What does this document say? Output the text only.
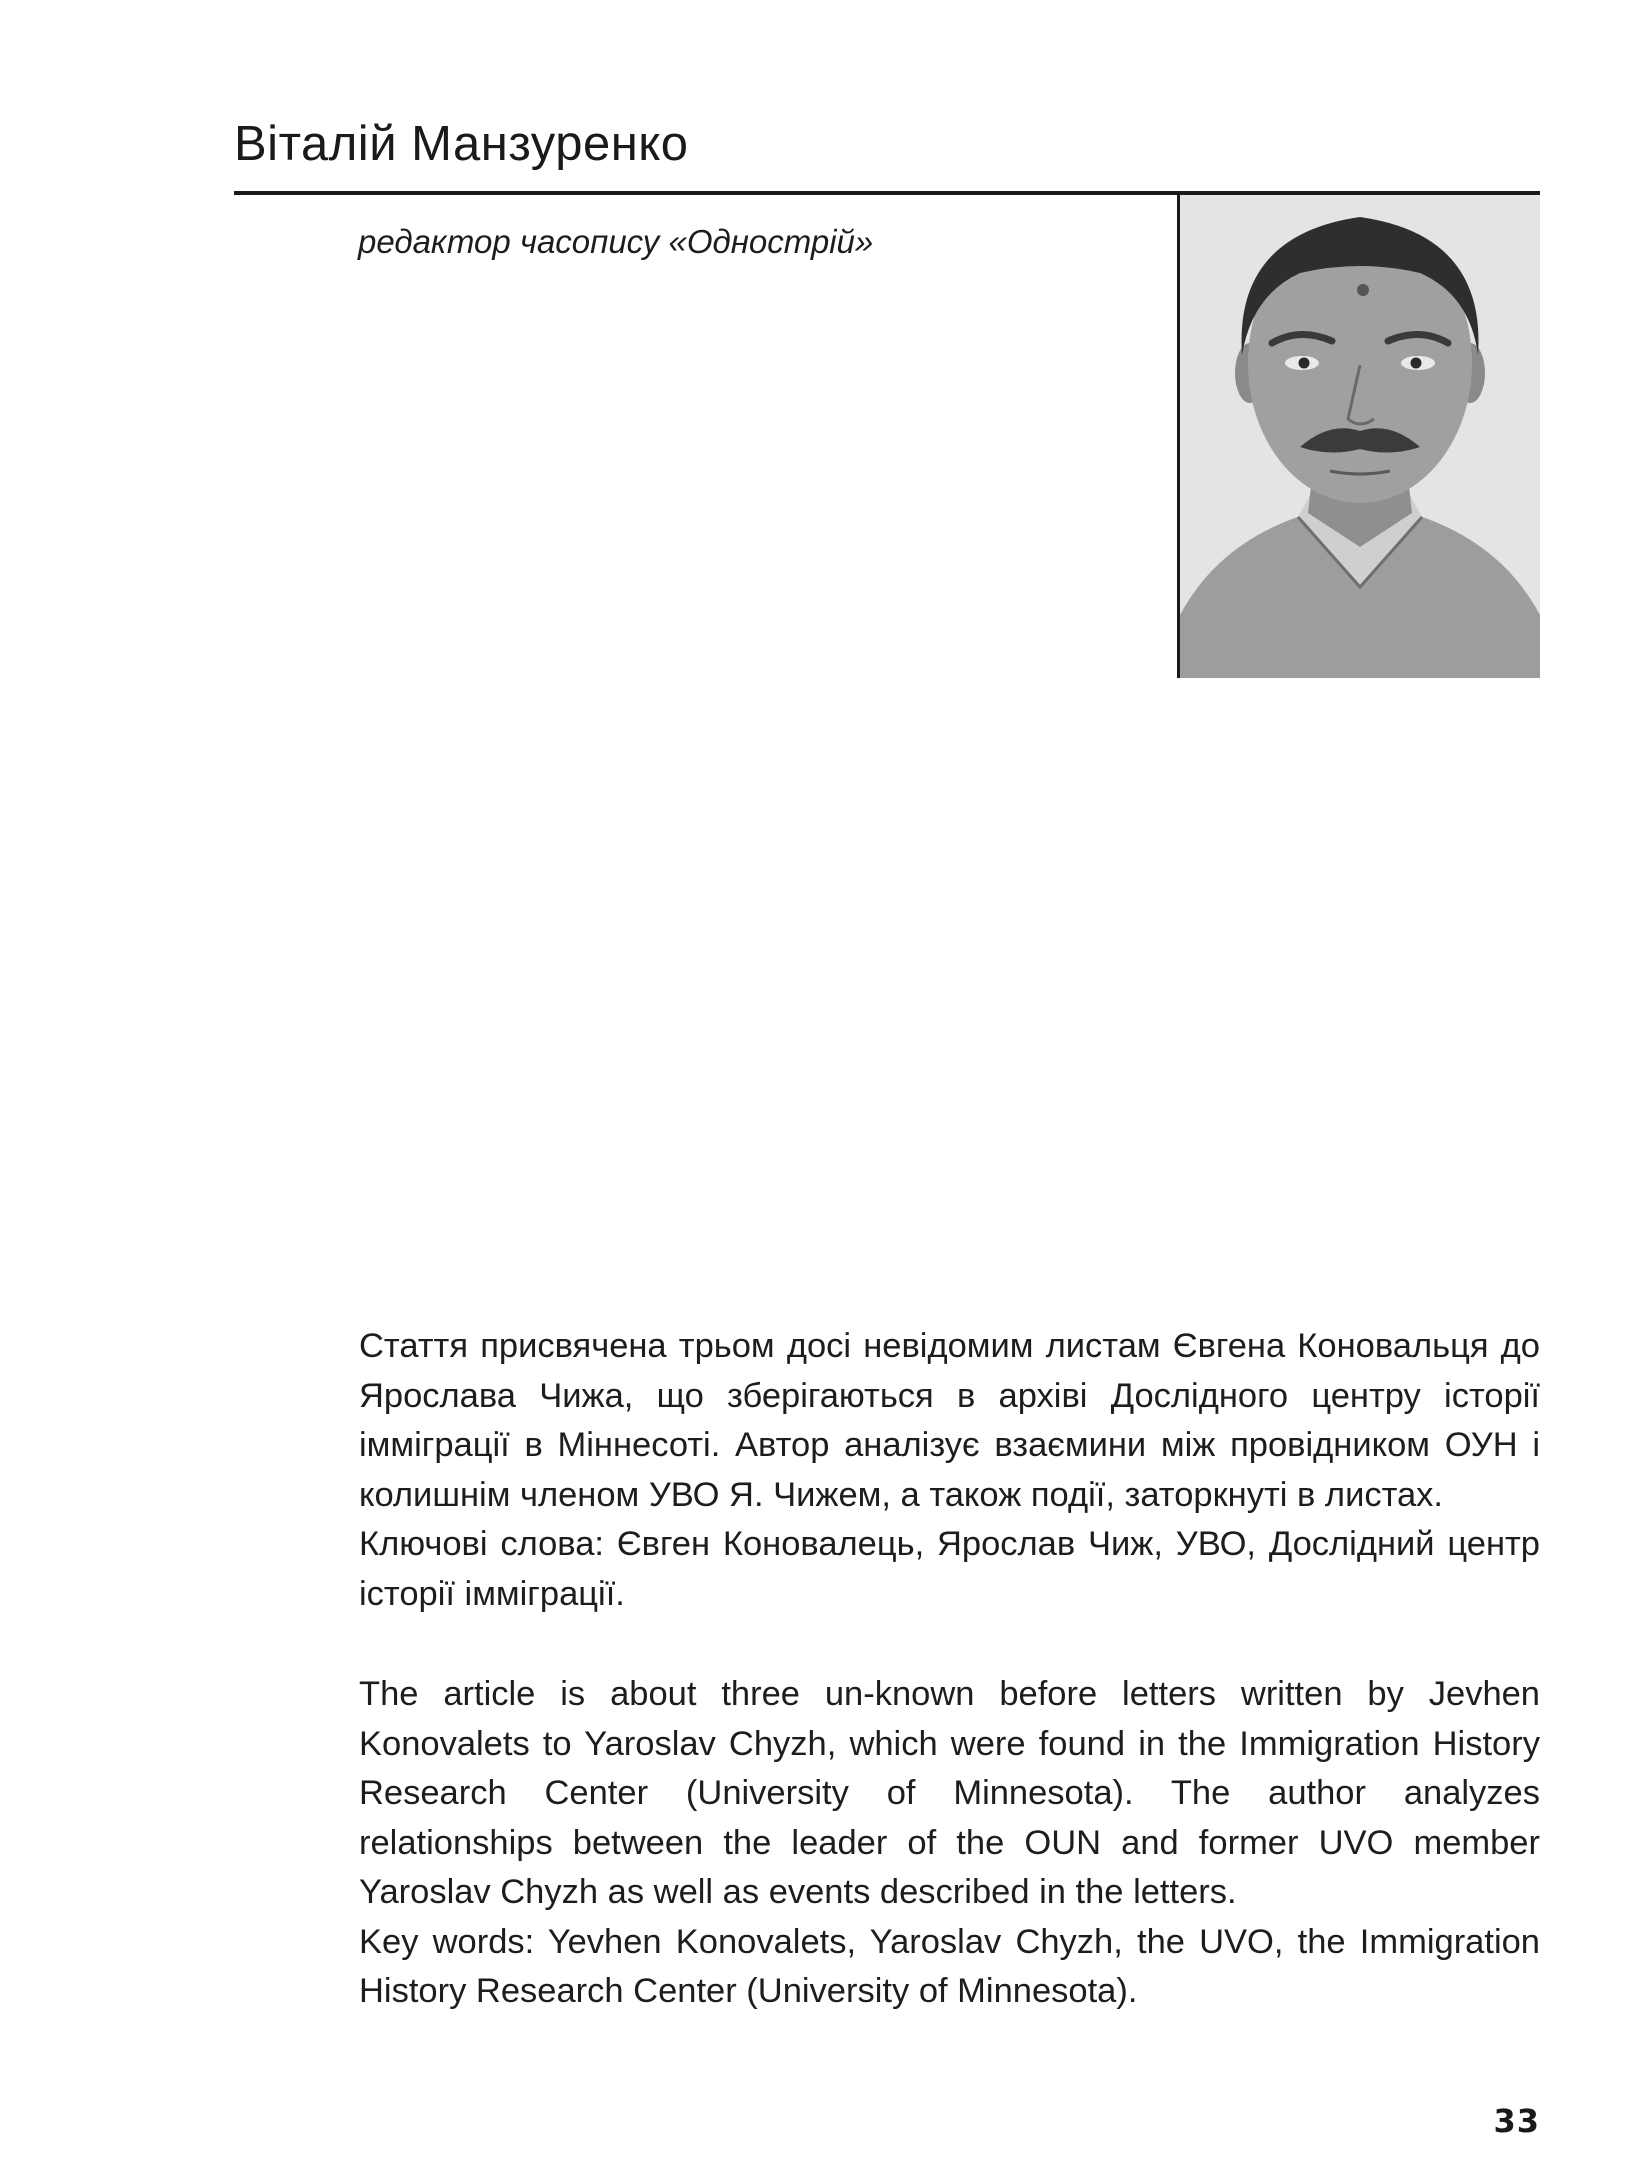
Віталій Манзуренко
редактор часопису «Однострій»

Стаття присвячена трьом досі невідомим листам Євгена Коновальця до Ярослава Чижа, що зберігаються в архіві Дослідного центру історії іммiграції в Міннесоті. Автор аналізує взаємини між провідником ОУН і колишнім членом УВО Я. Чижем, а також події, заторкнуті в листах.

Ключові слова: Євген Коновалець, Ярослав Чиж, УВО, Дослідний центр історії імміграції.

The article is about three un-known before letters written by Jevhen Konovalets to Yaroslav Chyzh, which were found in the Immigration History Research Center (University of Minnesota). The author analyzes relationships between the leader of the OUN and former UVO member Yaroslav Chyzh as well as events described in the letters.

Key words: Yevhen Konovalets, Yaroslav Chyzh, the UVO, the Immigration History Research Center (University of Minnesota).

33
